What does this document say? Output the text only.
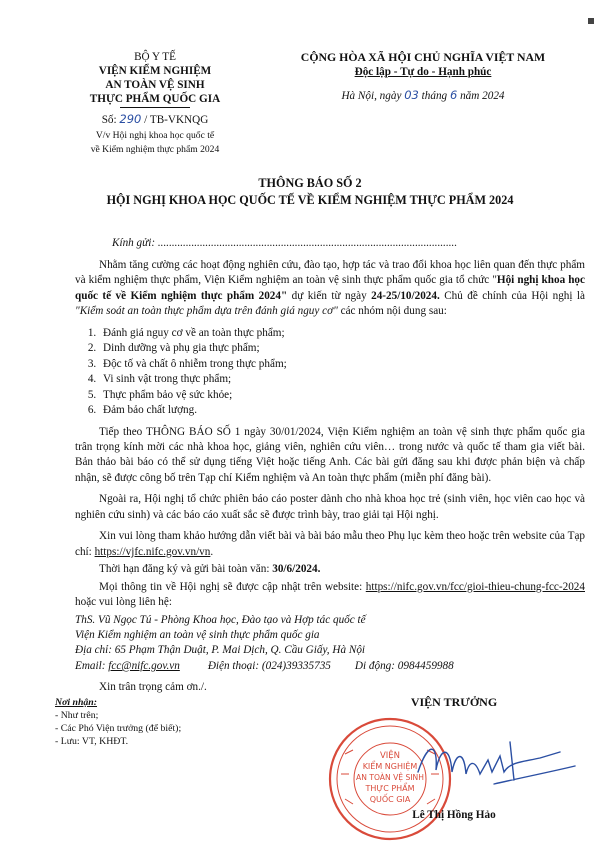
BỘ Y TẾ
VIỆN KIỂM NGHIỆM
AN TOÀN VỆ SINH
THỰC PHẨM QUỐC GIA
Số: 290 / TB-VKNQG
V/v Hội nghị khoa học quốc tế
về Kiểm nghiệm thực phẩm 2024
CỘNG HÒA XÃ HỘI CHỦ NGHĨA VIỆT NAM
Độc lập - Tự do - Hạnh phúc
Hà Nội, ngày 03 tháng 6 năm 2024
THÔNG BÁO SỐ 2
HỘI NGHỊ KHOA HỌC QUỐC TẾ VỀ KIỂM NGHIỆM THỰC PHẨM 2024
Kính gửi: ...........................................................................................................

Nhằm tăng cường các hoạt động nghiên cứu, đào tạo, hợp tác và trao đổi khoa học liên quan đến thực phẩm và kiểm nghiệm thực phẩm, Viện Kiểm nghiệm an toàn vệ sinh thực phẩm quốc gia tổ chức "Hội nghị khoa học quốc tế về Kiểm nghiệm thực phẩm 2024" dự kiến từ ngày 24-25/10/2024. Chủ đề chính của Hội nghị là "Kiểm soát an toàn thực phẩm dựa trên đánh giá nguy cơ" các nhóm nội dung sau:

1. Đánh giá nguy cơ về an toàn thực phẩm;
2. Dinh dưỡng và phụ gia thực phẩm;
3. Độc tố và chất ô nhiễm trong thực phẩm;
4. Vi sinh vật trong thực phẩm;
5. Thực phẩm bảo vệ sức khỏe;
6. Đảm bảo chất lượng.

Tiếp theo THÔNG BÁO SỐ 1 ngày 30/01/2024, Viện Kiểm nghiệm an toàn vệ sinh thực phẩm quốc gia trân trọng kính mời các nhà khoa học, giảng viên, nghiên cứu viên… trong nước và quốc tế tham gia viết bài. Bản thảo bài báo có thể sử dụng tiếng Việt hoặc tiếng Anh. Các bài gửi đăng sau khi được phản biện và chấp nhận, sẽ được công bố trên Tạp chí Kiểm nghiệm và An toàn thực phẩm (miễn phí đăng bài).

Ngoài ra, Hội nghị tổ chức phiên báo cáo poster dành cho nhà khoa học trẻ (sinh viên, học viên cao học và nghiên cứu sinh) và các báo cáo xuất sắc sẽ được trình bày, trao giải tại Hội nghị.

Xin vui lòng tham khảo hướng dẫn viết bài và bài báo mẫu theo Phụ lục kèm theo hoặc trên website của Tạp chí: https://vjfc.nifc.gov.vn/vn.

Thời hạn đăng ký và gửi bài toàn văn: 30/6/2024.

Mọi thông tin về Hội nghị sẽ được cập nhật trên website: https://nifc.gov.vn/fcc/gioi-thieu-chung-fcc-2024 hoặc vui lòng liên hệ:

ThS. Vũ Ngọc Tú - Phòng Khoa học, Đào tạo và Hợp tác quốc tế
Viện Kiểm nghiệm an toàn vệ sinh thực phẩm quốc gia
Địa chỉ: 65 Phạm Thận Duật, P. Mai Dịch, Q. Cầu Giấy, Hà Nội
Email: fcc@nifc.gov.vn	Điện thoại: (024)39335735 Di động: 0984459988
Xin trân trọng cảm ơn./.
Nơi nhận:
- Như trên;
- Các Phó Viện trưởng (để biết);
- Lưu: VT, KHĐT.
VIỆN TRƯỞNG
VIỆN
KIỂM NGHIỆM
AN TOÀN VỆ SINH
THỰC PHẨM
QUỐC GIA
Lê Thị Hồng Hảo
